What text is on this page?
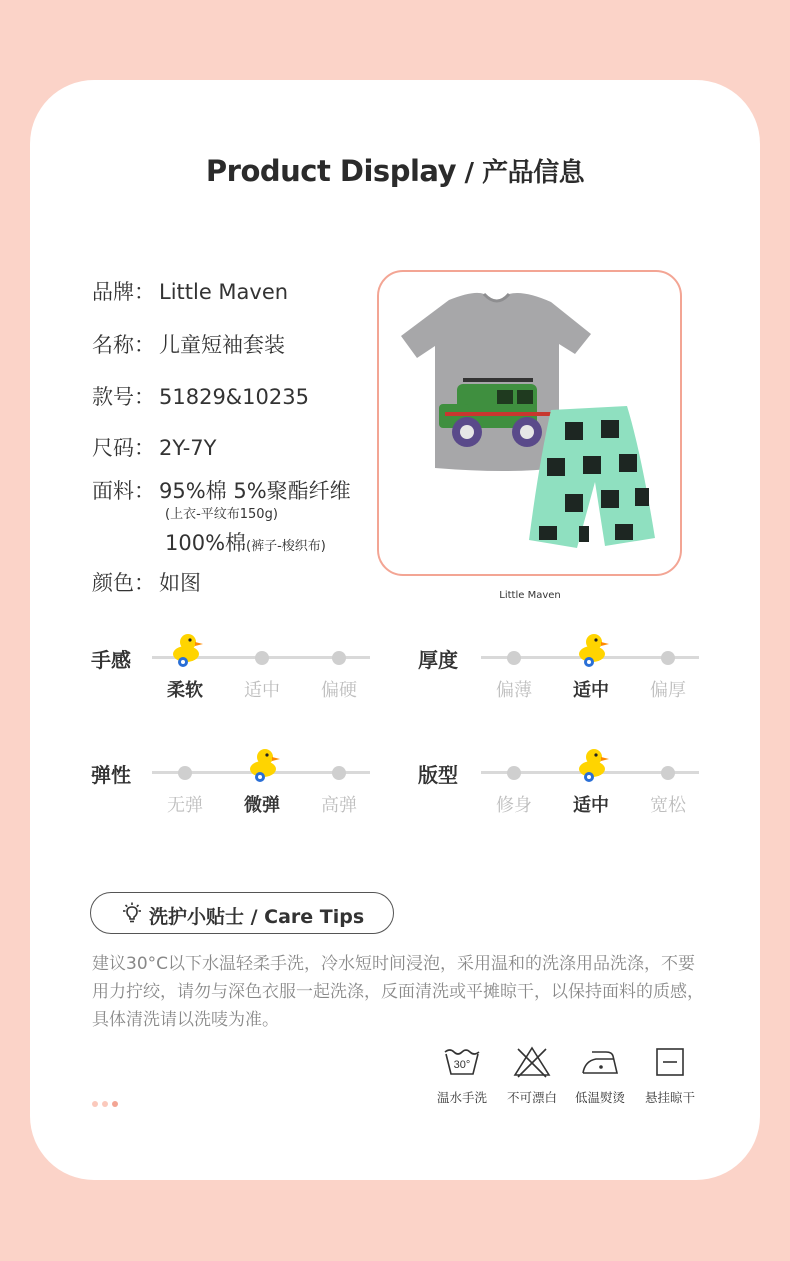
Product Display / 产品信息
品牌： Little Maven
名称： 儿童短袖套装
款号： 51829&10235
尺码： 2Y-7Y
面料： 95%棉 5%聚酯纤维
(上衣-平纹布150g)
100%棉(裤子-梭织布)
颜色： 如图
Little Maven
手感
柔软	适中	偏硬
厚度
偏薄	适中	偏厚
弹性
无弹	微弹	高弹
版型
修身	适中	宽松
洗护小贴士 / Care Tips
建议30°C以下水温轻柔手洗，冷水短时间浸泡，采用温和的洗涤用品洗涤，不要用力拧绞，请勿与深色衣服一起洗涤，反面清洗或平摊晾干，以保持面料的质感，具体清洗请以洗唛为准。
30°
温水手洗	不可漂白	低温熨烫	悬挂晾干
